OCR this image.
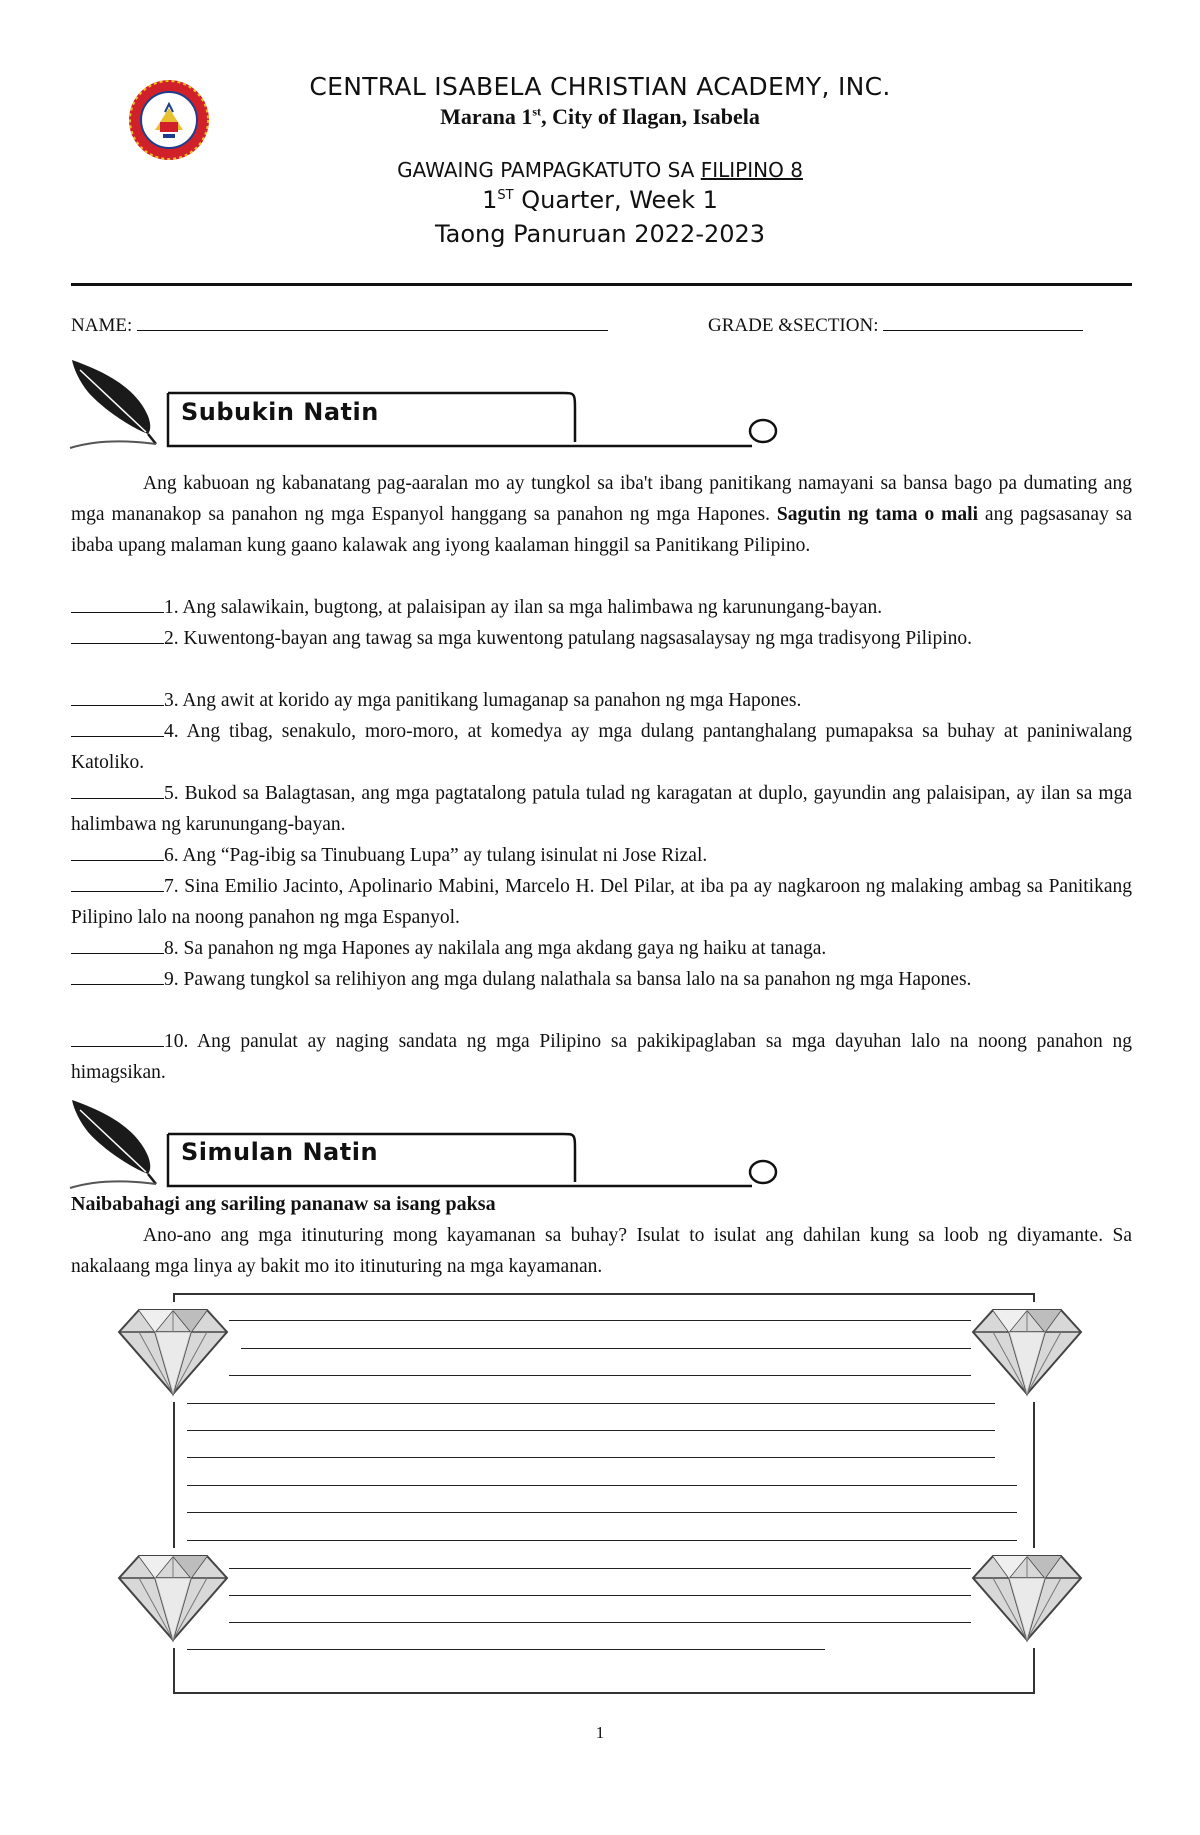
CENTRAL ISABELA CHRISTIAN ACADEMY, INC.
Marana 1st, City of Ilagan, Isabela
GAWAING PAMPAGKATUTO SA FILIPINO 8
1ST Quarter, Week 1
Taong Panuruan 2022-2023
NAME:	GRADE &SECTION:
Subukin Natin
Ang kabuoan ng kabanatang pag-aaralan mo ay tungkol sa iba't ibang panitikang namayani sa bansa bago pa dumating ang mga mananakop sa panahon ng mga Espanyol hanggang sa panahon ng mga Hapones. Sagutin ng tama o mali ang pagsasanay sa ibaba upang malaman kung gaano kalawak ang iyong kaalaman hinggil sa Panitikang Pilipino.
1. Ang salawikain, bugtong, at palaisipan ay ilan sa mga halimbawa ng karunungang-bayan.
2. Kuwentong-bayan ang tawag sa mga kuwentong patulang nagsasalaysay ng mga tradisyong Pilipino.
3. Ang awit at korido ay mga panitikang lumaganap sa panahon ng mga Hapones.
4. Ang tibag, senakulo, moro-moro, at komedya ay mga dulang pantanghalang pumapaksa sa buhay at paniniwalang Katoliko.
5. Bukod sa Balagtasan, ang mga pagtatalong patula tulad ng karagatan at duplo, gayundin ang palaisipan, ay ilan sa mga halimbawa ng karunungang-bayan.
6. Ang “Pag-ibig sa Tinubuang Lupa” ay tulang isinulat ni Jose Rizal.
7. Sina Emilio Jacinto, Apolinario Mabini, Marcelo H. Del Pilar, at iba pa ay nagkaroon ng malaking ambag sa Panitikang Pilipino lalo na noong panahon ng mga Espanyol.
8. Sa panahon ng mga Hapones ay nakilala ang mga akdang gaya ng haiku at tanaga.
9. Pawang tungkol sa relihiyon ang mga dulang nalathala sa bansa lalo na sa panahon ng mga Hapones.
10. Ang panulat ay naging sandata ng mga Pilipino sa pakikipaglaban sa mga dayuhan lalo na noong panahon ng himagsikan.
Simulan Natin
Naibabahagi ang sariling pananaw sa isang paksa
Ano-ano ang mga itinuturing mong kayamanan sa buhay? Isulat to isulat ang dahilan kung sa loob ng diyamante. Sa nakalaang mga linya ay bakit mo ito itinuturing na mga kayamanan.
1
